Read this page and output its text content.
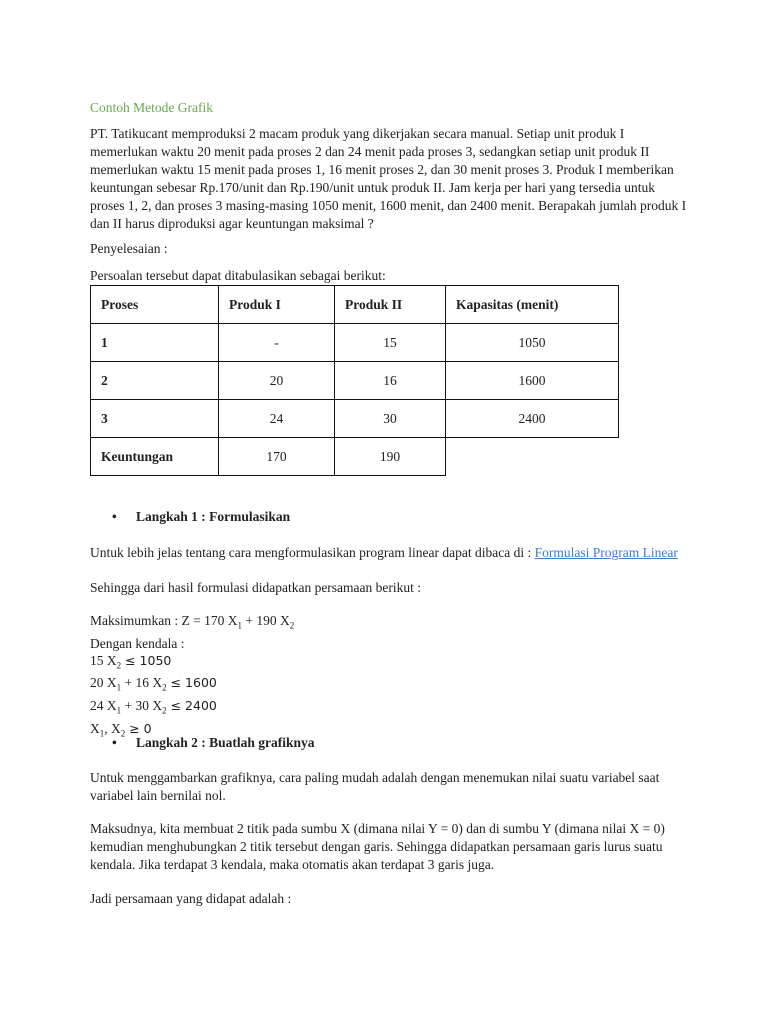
Contoh Metode Grafik
PT. Tatikucant memproduksi 2 macam produk yang dikerjakan secara manual. Setiap unit produk I memerlukan waktu 20 menit pada proses 2 dan 24 menit pada proses 3, sedangkan setiap unit produk II memerlukan waktu 15 menit pada proses 1, 16 menit proses 2, dan 30 menit proses 3. Produk I memberikan keuntungan sebesar Rp.170/unit dan Rp.190/unit untuk produk II. Jam kerja per hari yang tersedia untuk proses 1, 2, dan proses 3 masing-masing 1050 menit, 1600 menit, dan 2400 menit. Berapakah jumlah produk I dan II harus diproduksi agar keuntungan maksimal ?
Penyelesaian :
Persoalan tersebut dapat ditabulasikan sebagai berikut:
Proses	Produk I	Produk II	Kapasitas (menit)
1	-	15	1050
2	20	16	1600
3	24	30	2400
Keuntungan	170	190	
• Langkah 1 : Formulasikan
Untuk lebih jelas tentang cara mengformulasikan program linear dapat dibaca di : Formulasi Program Linear
Sehingga dari hasil formulasi didapatkan persamaan berikut :
Maksimumkan : Z = 170 $X_1 + 190$ $X_2$
Dengan kendala :
15 $X_2 \le 1050$
20 $X_1 + 16$ $X_2 \le 1600$
24 $X_1 + 30$ $X_2 \le 2400$
$X_1$, $X_2 \ge 0$
• Langkah 2 : Buatlah grafiknya
Untuk menggambarkan grafiknya, cara paling mudah adalah dengan menemukan nilai suatu variabel saat variabel lain bernilai nol.
Maksudnya, kita membuat 2 titik pada sumbu X (dimana nilai Y = 0) dan di sumbu Y (dimana nilai X = 0) kemudian menghubungkan 2 titik tersebut dengan garis. Sehingga didapatkan persamaan garis lurus suatu kendala. Jika terdapat 3 kendala, maka otomatis akan terdapat 3 garis juga.
Jadi persamaan yang didapat adalah :
